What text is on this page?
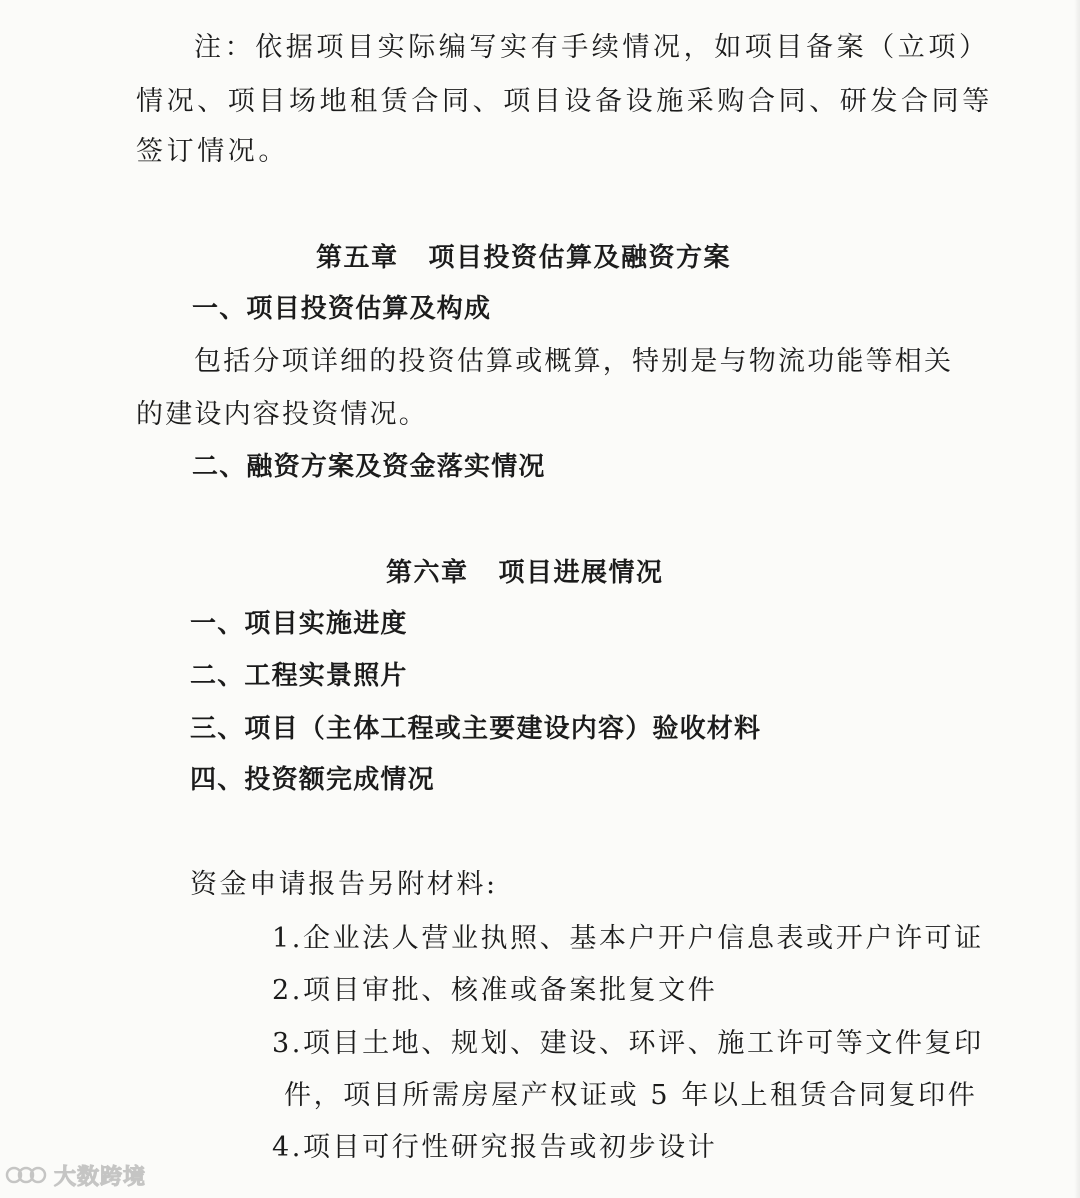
注：依据项目实际编写实有手续情况，如项目备案（立项）
情况、项目场地租赁合同、项目设备设施采购合同、研发合同等
签订情况。
第五章 项目投资估算及融资方案
一、项目投资估算及构成
包括分项详细的投资估算或概算，特别是与物流功能等相关
的建设内容投资情况。
二、融资方案及资金落实情况
第六章 项目进展情况
一、项目实施进度
二、工程实景照片
三、项目（主体工程或主要建设内容）验收材料
四、投资额完成情况
资金申请报告另附材料:
1.企业法人营业执照、基本户开户信息表或开户许可证
2.项目审批、核准或备案批复文件
3.项目土地、规划、建设、环评、施工许可等文件复印
件，项目所需房屋产权证或 5 年以上租赁合同复印件
4.项目可行性研究报告或初步设计
大数跨境
